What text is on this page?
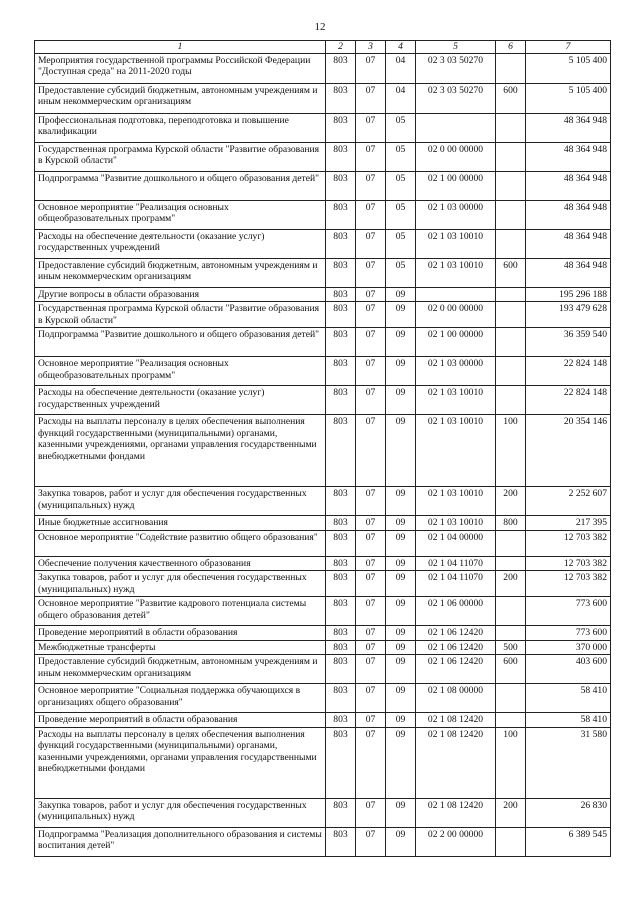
12
1	2	3	4	5	6	7
Мероприятия государственной программы Российской Федерации "Доступная среда" на 2011-2020 годы	803	07	04	02 3 03 50270		5 105 400
Предоставление субсидий бюджетным, автономным учреждениям и иным некоммерческим организациям	803	07	04	02 3 03 50270	600	5 105 400
Профессиональная подготовка, переподготовка и повышение квалификации	803	07	05			48 364 948
Государственная программа Курской области "Развитие образования в Курской области"	803	07	05	02 0 00 00000		48 364 948
Подпрограмма "Развитие дошкольного и общего образования детей"	803	07	05	02 1 00 00000		48 364 948
Основное мероприятие "Реализация основных общеобразовательных программ"	803	07	05	02 1 03 00000		48 364 948
Расходы на обеспечение деятельности (оказание услуг) государственных учреждений	803	07	05	02 1 03 10010		48 364 948
Предоставление субсидий бюджетным, автономным учреждениям и иным некоммерческим организациям	803	07	05	02 1 03 10010	600	48 364 948
Другие вопросы в области образования	803	07	09			195 296 188
Государственная программа Курской области "Развитие образования в Курской области"	803	07	09	02 0 00 00000		193 479 628
Подпрограмма "Развитие дошкольного и общего образования детей"	803	07	09	02 1 00 00000		36 359 540
Основное мероприятие "Реализация основных общеобразовательных программ"	803	07	09	02 1 03 00000		22 824 148
Расходы на обеспечение деятельности (оказание услуг) государственных учреждений	803	07	09	02 1 03 10010		22 824 148
Расходы на выплаты персоналу в целях обеспечения выполнения функций государственными (муниципальными) органами, казенными учреждениями, органами управления государственными внебюджетными фондами	803	07	09	02 1 03 10010	100	20 354 146
Закупка товаров, работ и услуг для обеспечения государственных (муниципальных) нужд	803	07	09	02 1 03 10010	200	2 252 607
Иные бюджетные ассигнования	803	07	09	02 1 03 10010	800	217 395
Основное мероприятие "Содействие развитию общего образования"	803	07	09	02 1 04 00000		12 703 382
Обеспечение получения качественного образования	803	07	09	02 1 04 11070		12 703 382
Закупка товаров, работ и услуг для обеспечения государственных (муниципальных) нужд	803	07	09	02 1 04 11070	200	12 703 382
Основное мероприятие "Развитие кадрового потенциала системы общего образования детей"	803	07	09	02 1 06 00000		773 600
Проведение мероприятий в области образования	803	07	09	02 1 06 12420		773 600
Межбюджетные трансферты	803	07	09	02 1 06 12420	500	370 000
Предоставление субсидий бюджетным, автономным учреждениям и иным некоммерческим организациям	803	07	09	02 1 06 12420	600	403 600
Основное мероприятие "Социальная поддержка обучающихся в организациях общего образования"	803	07	09	02 1 08 00000		58 410
Проведение мероприятий в области образования	803	07	09	02 1 08 12420		58 410
Расходы на выплаты персоналу в целях обеспечения выполнения функций государственными (муниципальными) органами, казенными учреждениями, органами управления государственными внебюджетными фондами	803	07	09	02 1 08 12420	100	31 580
Закупка товаров, работ и услуг для обеспечения государственных (муниципальных) нужд	803	07	09	02 1 08 12420	200	26 830
Подпрограмма "Реализация дополнительного образования и системы воспитания детей"	803	07	09	02 2 00 00000		6 389 545
